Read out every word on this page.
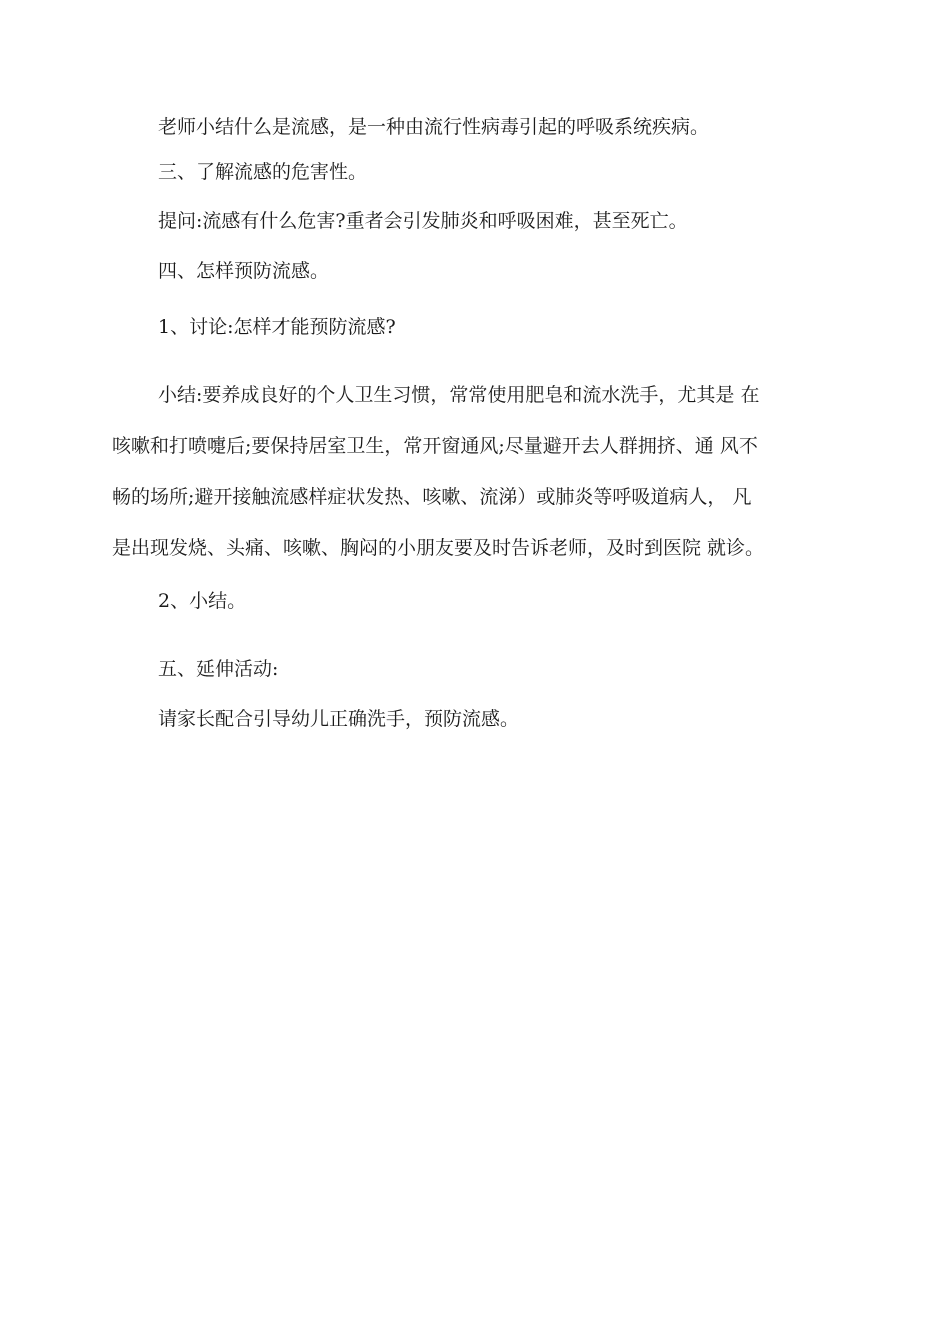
老师小结什么是流感，是一种由流行性病毒引起的呼吸系统疾病。
三、了解流感的危害性。
提问:流感有什么危害?重者会引发肺炎和呼吸困难，甚至死亡。
四、怎样预防流感。
1、讨论:怎样才能预防流感?
小结:要养成良好的个人卫生习惯，常常使用肥皂和流水洗手，尤其是 在
咳嗽和打喷嚏后;要保持居室卫生，常开窗通风;尽量避开去人群拥挤、通 风不
畅的场所;避开接触流感样症状发热、咳嗽、流涕）或肺炎等呼吸道病人， 凡
是出现发烧、头痛、咳嗽、胸闷的小朋友要及时告诉老师，及时到医院 就诊。
2、小结。
五、延伸活动:
请家长配合引导幼儿正确洗手，预防流感。
